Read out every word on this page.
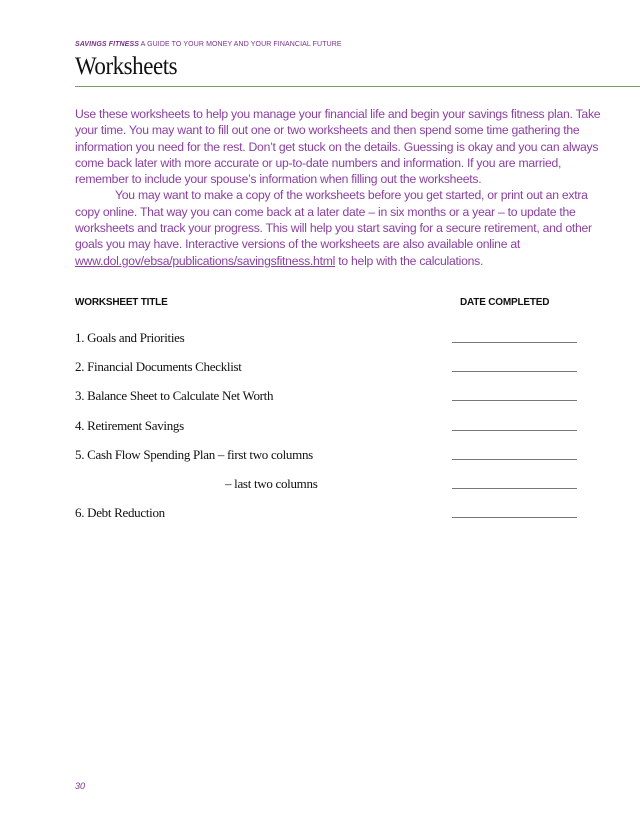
SAVINGS FITNESS A GUIDE TO YOUR MONEY AND YOUR FINANCIAL FUTURE
Worksheets

Use these worksheets to help you manage your financial life and begin your savings fitness plan. Take your time. You may want to fill out one or two worksheets and then spend some time gathering the information you need for the rest. Don’t get stuck on the details. Guessing is okay and you can always come back later with more accurate or up-to-date numbers and information. If you are married, remember to include your spouse’s information when filling out the worksheets.

You may want to make a copy of the worksheets before you get started, or print out an extra copy online. That way you can come back at a later date – in six months or a year – to update the worksheets and track your progress. This will help you start saving for a secure retirement, and other goals you may have. Interactive versions of the worksheets are also available online at www.dol.gov/ebsa/publications/savingsfitness.html to help with the calculations.

WORKSHEET TITLE	DATE COMPLETED
1. Goals and Priorities
2. Financial Documents Checklist
3. Balance Sheet to Calculate Net Worth
4. Retirement Savings
5. Cash Flow Spending Plan – first two columns
– last two columns
6. Debt Reduction
30
